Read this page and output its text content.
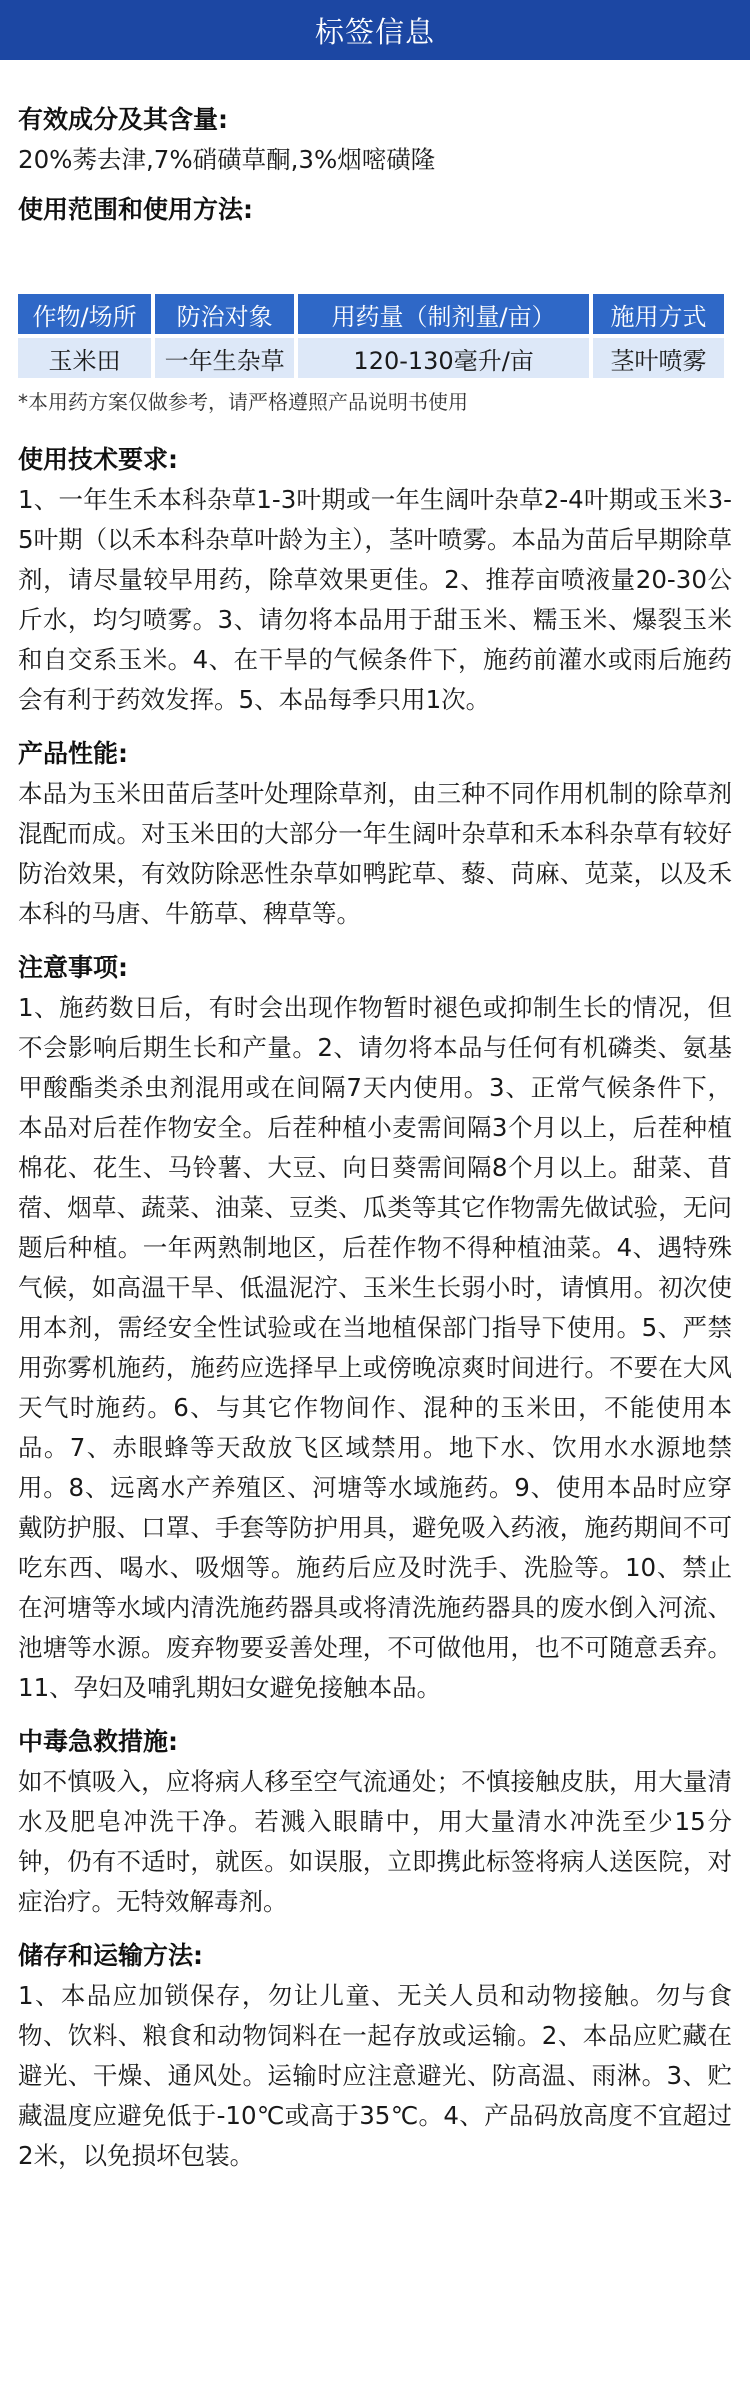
标签信息
有效成分及其含量:
20%莠去津,7%硝磺草酮,3%烟嘧磺隆
使用范围和使用方法:
作物/场所	防治对象	用药量（制剂量/亩）	施用方式
玉米田	一年生杂草	120-130毫升/亩	茎叶喷雾
*本用药方案仅做参考，请严格遵照产品说明书使用
使用技术要求:
1、一年生禾本科杂草1-3叶期或一年生阔叶杂草2-4叶期或玉米3-5叶期（以禾本科杂草叶龄为主），茎叶喷雾。本品为苗后早期除草剂，请尽量较早用药，除草效果更佳。2、推荐亩喷液量20-30公斤水，均匀喷雾。3、请勿将本品用于甜玉米、糯玉米、爆裂玉米和自交系玉米。4、在干旱的气候条件下，施药前灌水或雨后施药会有利于药效发挥。5、本品每季只用1次。
产品性能:
本品为玉米田苗后茎叶处理除草剂，由三种不同作用机制的除草剂混配而成。对玉米田的大部分一年生阔叶杂草和禾本科杂草有较好防治效果，有效防除恶性杂草如鸭跎草、藜、苘麻、苋菜，以及禾本科的马唐、牛筋草、稗草等。
注意事项:
1、施药数日后，有时会出现作物暂时褪色或抑制生长的情况，但不会影响后期生长和产量。2、请勿将本品与任何有机磷类、氨基甲酸酯类杀虫剂混用或在间隔7天内使用。3、正常气候条件下，本品对后茬作物安全。后茬种植小麦需间隔3个月以上，后茬种植棉花、花生、马铃薯、大豆、向日葵需间隔8个月以上。甜菜、苜蓿、烟草、蔬菜、油菜、豆类、瓜类等其它作物需先做试验，无问题后种植。一年两熟制地区，后茬作物不得种植油菜。4、遇特殊气候，如高温干旱、低温泥泞、玉米生长弱小时，请慎用。初次使用本剂，需经安全性试验或在当地植保部门指导下使用。5、严禁用弥雾机施药，施药应选择早上或傍晚凉爽时间进行。不要在大风天气时施药。6、与其它作物间作、混种的玉米田，不能使用本品。7、赤眼蜂等天敌放飞区域禁用。地下水、饮用水水源地禁用。8、远离水产养殖区、河塘等水域施药。9、使用本品时应穿戴防护服、口罩、手套等防护用具，避免吸入药液，施药期间不可吃东西、喝水、吸烟等。施药后应及时洗手、洗脸等。10、禁止在河塘等水域内清洗施药器具或将清洗施药器具的废水倒入河流、池塘等水源。废弃物要妥善处理，不可做他用，也不可随意丢弃。11、孕妇及哺乳期妇女避免接触本品。
中毒急救措施:
如不慎吸入，应将病人移至空气流通处；不慎接触皮肤，用大量清水及肥皂冲洗干净。若溅入眼睛中，用大量清水冲洗至少15分钟，仍有不适时，就医。如误服，立即携此标签将病人送医院，对症治疗。无特效解毒剂。
储存和运输方法:
1、本品应加锁保存，勿让儿童、无关人员和动物接触。勿与食物、饮料、粮食和动物饲料在一起存放或运输。2、本品应贮藏在避光、干燥、通风处。运输时应注意避光、防高温、雨淋。3、贮藏温度应避免低于-10℃或高于35℃。4、产品码放高度不宜超过2米，以免损坏包装。
